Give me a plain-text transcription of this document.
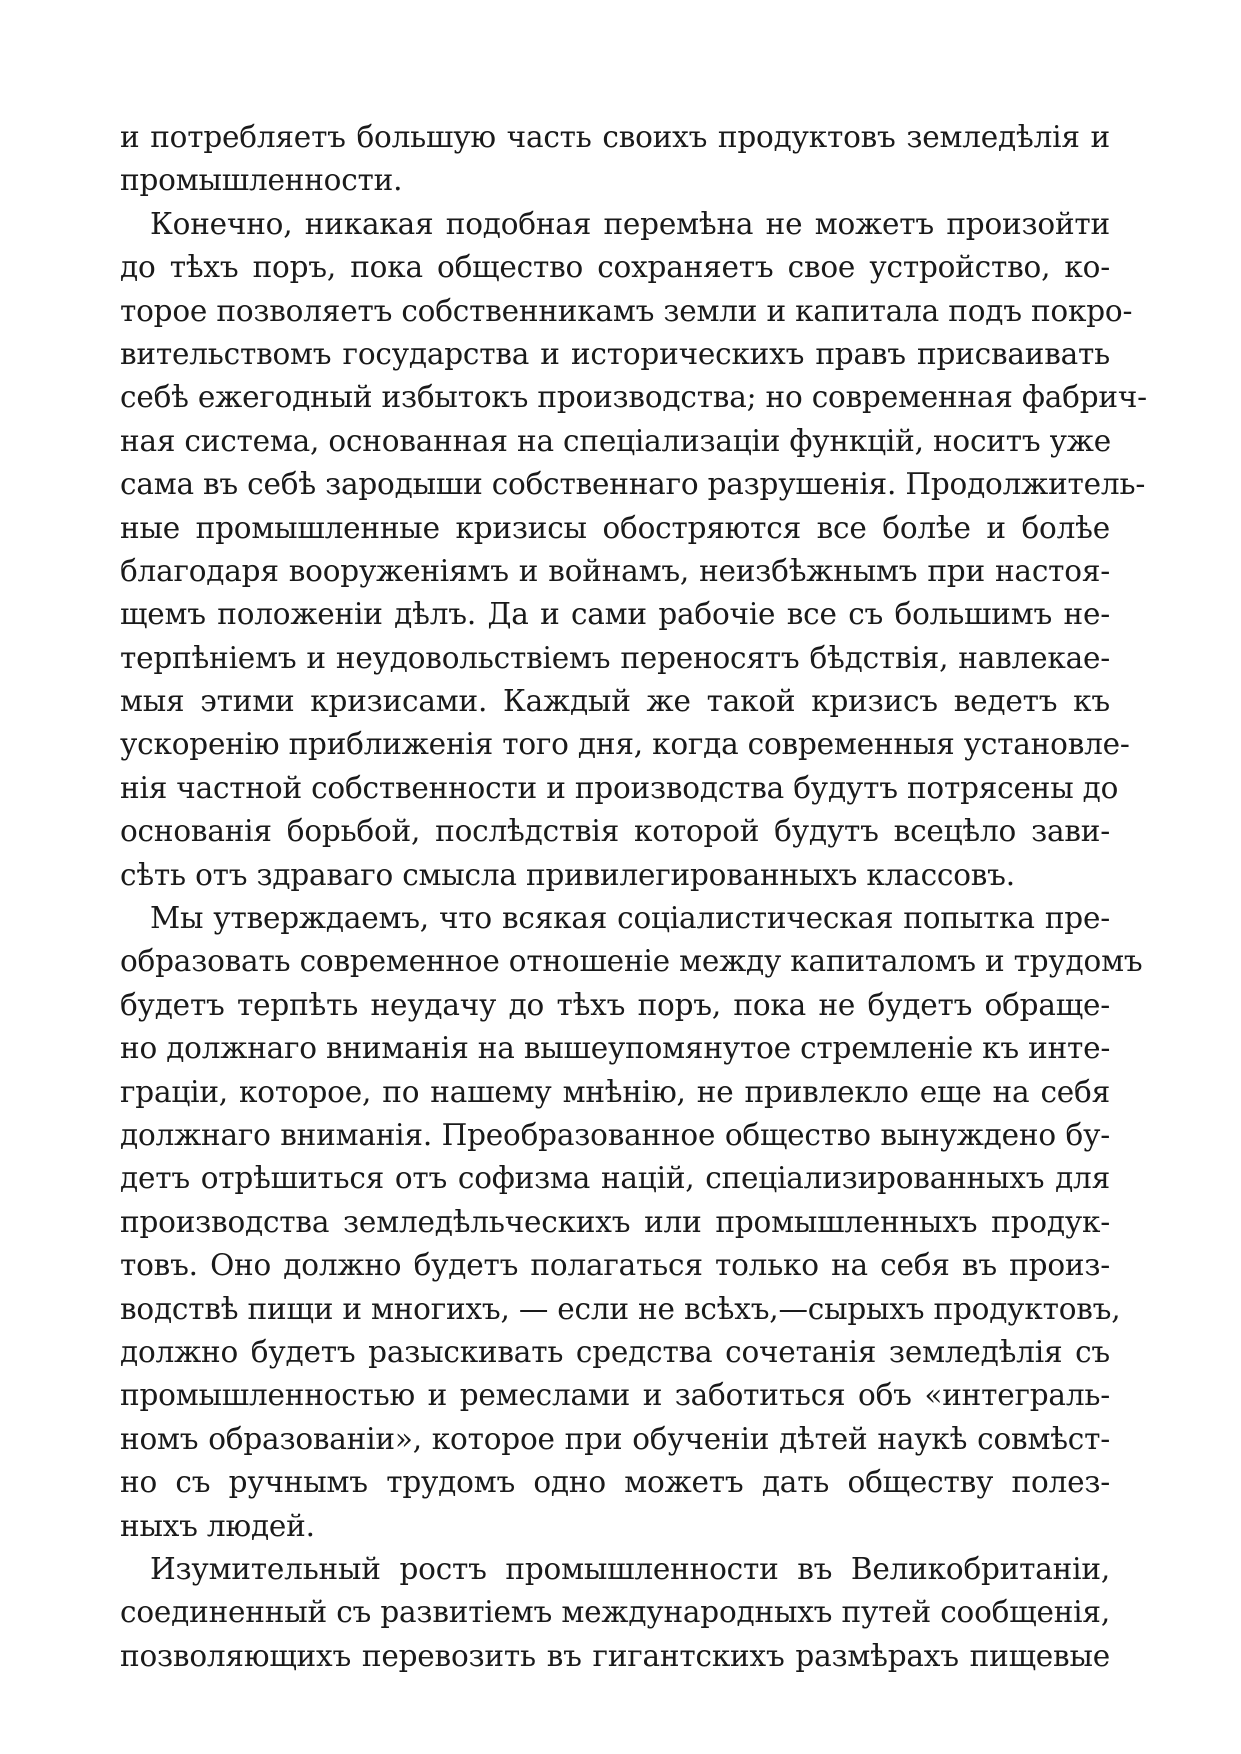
и потребляетъ большую часть своихъ продуктовъ земледѣлія и
промышленности.
Конечно, никакая подобная перемѣна не можетъ произойти
до тѣхъ поръ, пока общество сохраняетъ свое устройство, ко-
торое позволяетъ собственникамъ земли и капитала подъ покро-
вительствомъ государства и историческихъ правъ присваивать
себѣ ежегодный избытокъ производства; но современная фабрич-
ная система, основанная на спеціализаціи функцій, носитъ уже
сама въ себѣ зародыши собственнаго разрушенія. Продолжитель-
ные промышленные кризисы обостряются все болѣе и болѣе
благодаря вооруженіямъ и войнамъ, неизбѣжнымъ при настоя-
щемъ положеніи дѣлъ. Да и сами рабочіе все съ большимъ не-
терпѣніемъ и неудовольствіемъ переносятъ бѣдствія, навлекае-
мыя этими кризисами. Каждый же такой кризисъ ведетъ къ
ускоренію приближенія того дня, когда современныя установле-
нія частной собственности и производства будутъ потрясены до
основанія борьбой, послѣдствія которой будутъ всецѣло зави-
сѣть отъ здраваго смысла привилегированныхъ классовъ.
Мы утверждаемъ, что всякая соціалистическая попытка пре-
образовать современное отношеніе между капиталомъ и трудомъ
будетъ терпѣть неудачу до тѣхъ поръ, пока не будетъ обраще-
но должнаго вниманія на вышеупомянутое стремленіе къ инте-
граціи, которое, по нашему мнѣнію, не привлекло еще на себя
должнаго вниманія. Преобразованное общество вынуждено бу-
детъ отрѣшиться отъ софизма націй, спеціализированныхъ для
производства земледѣльческихъ или промышленныхъ продук-
товъ. Оно должно будетъ полагаться только на себя въ произ-
водствѣ пищи и многихъ, — если не всѣхъ,—сырыхъ продуктовъ,
должно будетъ разыскивать средства сочетанія земледѣлія съ
промышленностью и ремеслами и заботиться объ «интеграль-
номъ образованіи», которое при обученіи дѣтей наукѣ совмѣст-
но съ ручнымъ трудомъ одно можетъ дать обществу полез-
ныхъ людей.
Изумительный ростъ промышленности въ Великобританіи,
соединенный съ развитіемъ международныхъ путей сообщенія,
позволяющихъ перевозить въ гигантскихъ размѣрахъ пищевые
